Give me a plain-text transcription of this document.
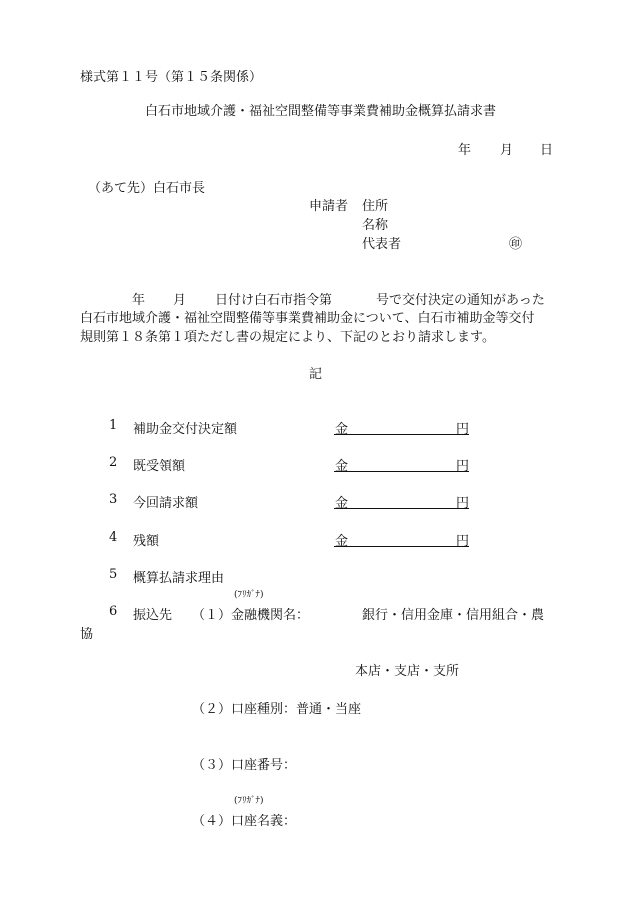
様式第１１号（第１５条関係）
白石市地域介護・福祉空間整備等事業費補助金概算払請求書
年 月 日
（あて先）白石市長
申請者 住所
名称
代表者	㊞
年 月 日付け白石市指令第	号で交付決定の通知があった
白石市地域介護・福祉空間整備等事業費補助金について、白石市補助金等交付
規則第１８条第１項ただし書の規定により、下記のとおり請求します。
記
1 補助金交付決定額	金	円
2 既受領額	金	円
3 今回請求額	金	円
4 残額	金	円
5 概算払請求理由
(ﾌﾘｶﾞﾅ)
6 振込先 （１）金融機関名：	銀行・信用金庫・信用組合・農
協
本店・支店・支所
（２）口座種別：普通・当座
（３）口座番号：
(ﾌﾘｶﾞﾅ)
（４）口座名義：
